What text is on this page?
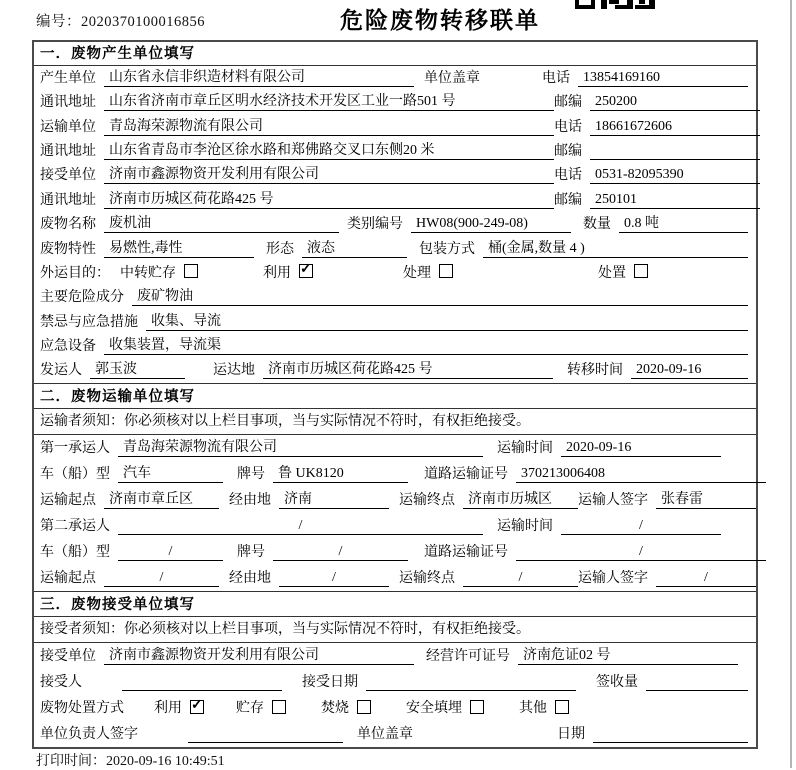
编号：2020370100016856	危险废物转移联单
一．废物产生单位填写
产生单位 山东省永信非织造材料有限公司	单位盖章	电话 13854169160
通讯地址 山东省济南市章丘区明水经济技术开发区工业一路501 号	邮编 250200
运输单位 青岛海荣源物流有限公司	电话 18661672606
通讯地址 山东省青岛市李沧区徐水路和郑佛路交叉口东侧20 米	邮编
接受单位 济南市鑫源物资开发利用有限公司	电话 0531-82095390
通讯地址 济南市历城区荷花路425 号	邮编 250101
废物名称 废机油	类别编号 HW08(900-249-08)	数量 0.8 吨
废物特性 易燃性,毒性	形态 液态	包装方式 桶(金属,数量 4 )
外运目的： 中转贮存	利用 ✓	处理	处置
主要危险成分 废矿物油
禁忌与应急措施 收集、导流
应急设备 收集装置，导流渠
发运人 郭玉波	运达地 济南市历城区荷花路425 号	转移时间 2020-09-16
二．废物运输单位填写
运输者须知：你必须核对以上栏目事项，当与实际情况不符时，有权拒绝接受。
第一承运人 青岛海荣源物流有限公司	运输时间 2020-09-16
车（船）型 汽车	牌号 鲁 UK8120	道路运输证号 370213006408
运输起点 济南市章丘区	经由地 济南	运输终点 济南市历城区	运输人签字 张春雷
第二承运人	/	运输时间	/
车（船）型	/	牌号	/	道路运输证号	/
运输起点	/	经由地	/	运输终点	/	运输人签字	/
三．废物接受单位填写
接受者须知：你必须核对以上栏目事项，当与实际情况不符时，有权拒绝接受。
接受单位 济南市鑫源物资开发利用有限公司	经营许可证号 济南危证02 号
接受人	接受日期	签收量
废物处置方式 利用 ✓	贮存	焚烧	安全填埋	其他
单位负责人签字	单位盖章	日期
打印时间：2020-09-16 10:49:51
